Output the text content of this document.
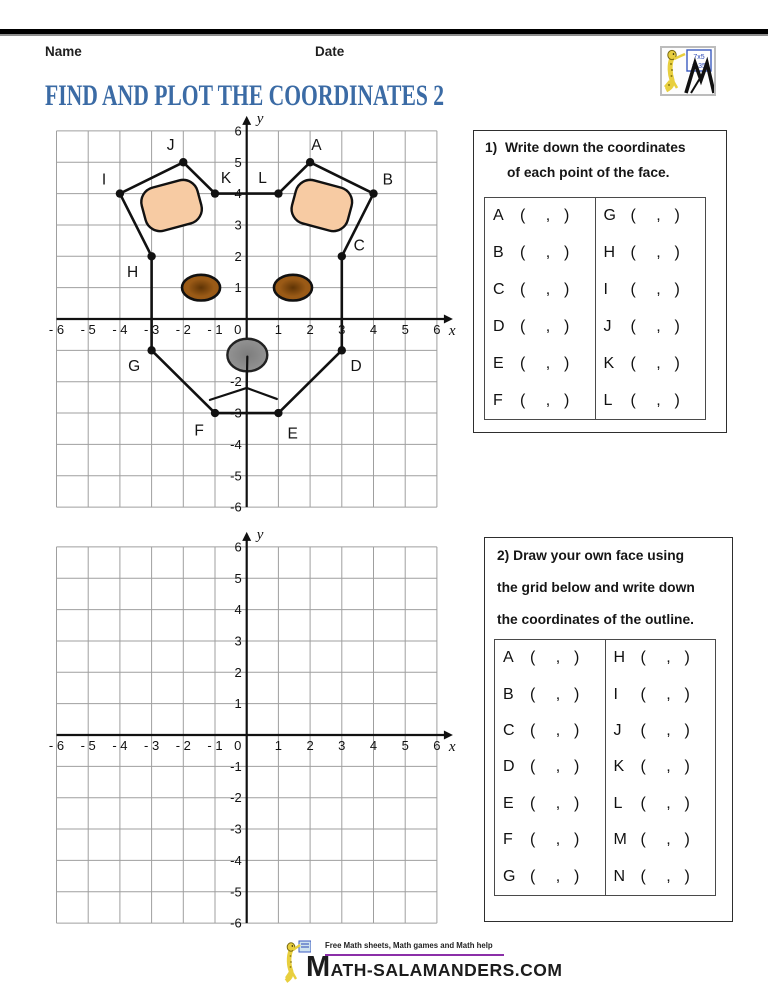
Name	Date	7x5
= 35
FIND AND PLOT THE COORDINATES 2
- 6 - 5 - 4 - 3 - 2 - 1 0	1 2 3 4 5 6
6
5
4
3
2
1
-2
-3
-4
-5
-6
x
y
A
B
C
D
E
F
G
H
I
J
K L
- 6 - 5 - 4 - 3 - 2 - 1 0	1 2 3 4 5 6
6
5
4
3
2
1
-1
-2
-3
-4
-5
-6
x
y
1) Write down the coordinates
of each point of the face.
A	(	, )
B	(	, )
C (	, )
D (	, )
E	(	, )
F	(	, )
G (	, )
H (	, )
I	(	, )
J	(	, )
K	(	, )
L	(	, )
2) Draw your own face using
the grid below and write down
the coordinates of the outline.
A	(	, )
B	(	, )
C (	, )
D (	, )
E	(	, )
F	(	, )
G (	, )
H (	, )
I	(	, )
J	(	, )
K	(	, )
L	(	, )
M (	, )
N (	, )
Free Math sheets, Math games and Math help
MATH-SALAMANDERS.COM
